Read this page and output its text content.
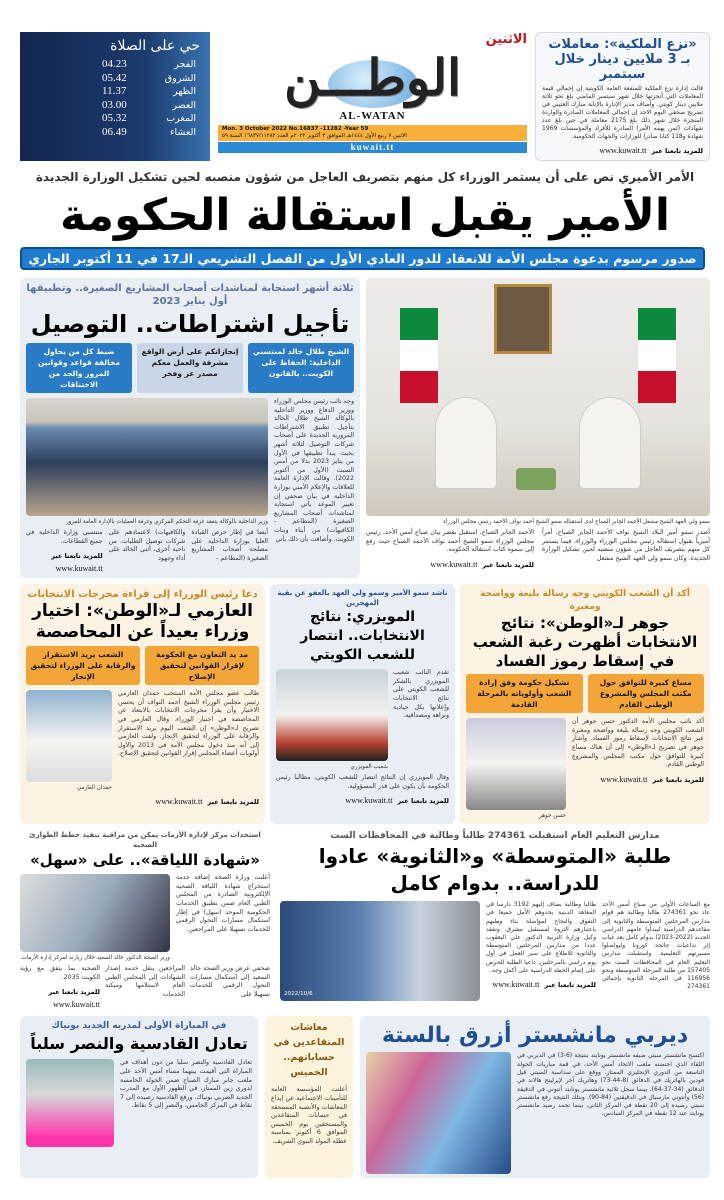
«نزع الملكية»: معاملات بـ 3 ملايين دينار خلال سبتمبر

قالت إدارة نزع الملكية للمنفعة العامة الكويتية إن إجمالي قيمة المعاملات التي أنجزتها خلال شهر سبتمبر الماضي بلغ نحو ثلاثة ملايين دينار كويتي. وأضاف مدير الإدارة بالإنابة مبارك العتيبي في تصريح صحفي اليوم الاحد إن إجمالي المعاملات الصادرة والواردة المنجزة خلال شهر ذلك بلغ 2175 معاملة في حين بلغ عدد شهادات (لمن يهمه الأمر) الصادرة للأفراد والمؤسسات 1969 شهادة و118 كتابا صادرا للوزارات والجهات الحكومية.

للمزيد تابعنا عبر www.kuwait.tt
الاثنين
الوطـــن
AL-WATAN
Mon. 3 October 2022 No.16837 -11282 -Year 59
الاثنين ٧ ربيع الأول ١٤٤٤هـ الموافق ٣ أكتوبر ٢٠٢٢م العدد ١٦٨٣٧/١١٢٨٢ السنة ٥٩
kuwait.tt
حي على الصلاة
الفجر
04.23
الشروق
05.42
الظهر
11.37
العصر
03.00
المغرب
05.32
العشاء
06.49
الأمر الأميري نص على أن يستمر الوزراء كل منهم بتصريف العاجل من شؤون منصبه لحين تشكيل الوزارة الجديدة
الأمير يقبل استقالة الحكومة
صدور مرسوم بدعوة مجلس الأمة للانعقاد للدور العادي الأول من الفصل التشريعي الـ17 في 11 أكتوبر الجاري
سمو ولي العهد الشيخ مشعل الأحمد الجابر الصباح لدى استقباله سمو الشيخ أحمد نواف الأحمد رئيس مجلس الوزراء

أصدر سمو أمير البلاد الشيخ نواف الأحمد الجابر الصباح، أمراً أميرياً بقبول استقالة رئيس مجلس الوزراء والوزراء، فيما يستمر كل منهم بتصريف العاجل من شؤون منصبه لحين تشكيل الوزارة الجديدة. وكان سمو ولي العهد الشيخ مشعل

الأحمد الجابر الصباح، استقبل بقصر بيان صباح أمس الأحد، رئيس مجلس الوزراء سمو الشيخ أحمد نواف الأحمد الصباح حيث رفع إلى سموه كتاب استقالة الحكومة.

للمزيد تابعنا عبر www.kuwait.tt
ثلاثة أشهر استجابة لمناشدات أصحاب المشاريع الصغيرة.. وتطبيقها أول يناير 2023
تأجيل اشتراطات.. التوصيل
الشيخ طلال خالد لمنتسبي الداخلية: الحفاظ على الكويت.. بالقانون
إنجازاتكم على أرض الواقع مشرفة والعمل معكم مصدر عز وفخر
ضبط كل من يحاول مخالفة قواعد وقوانين المرور والحد من الاختناقات

وجه نائب رئيس مجلس الوزراء ووزير الدفاع ووزير الداخلية بالوكالة الشيخ طلال الخالد بتأجيل تطبيق الاشتراطات المرورية الجديدة على أصحاب شركات التوصيل لثلاثة أشهر بحيث يبدأ تطبيقها في الأول من يناير 2023 بدلا من أمس السبت (الأول من أكتوبر 2022). وقالت الإدارة العامة للعلاقات والإعلام الأمني بوزارة الداخلية في بيان صحفي إن تغيير الموعد يأتي استجابة لمناشدات أصحاب المشاريع الصغيرة (المطاعم - الكافيهات) من أبناء وبنات الكويت. وأضافت بأن ذلك يأتي

وزير الداخلية بالوكالة يتفقد غرفة التحكم المركزي وغرفة العمليات بالإدارة العامة للمرور

أيضا في إطار حرص القيادة العليا بوزارة الداخلية على مصلحة أصحاب المشاريع الصغيرة (المطاعم -

والكافيهات) لاعتمادهم على شركات توصيل الطلبات. من ناحية أخرى، أثنى الخالد على أداء وجهود

منتسبي وزارة الداخلية في جميع القطاعات.

للمزيد تابعنا عبر
www.kuwait.tt
أكد أن الشعب الكويتي وجه رسالة بليغة وواضحة ومعبرة
جوهر لـ«الوطن»: نتائج الانتخابات أظهرت رغبة الشعب في إسقاط رموز الفساد
مساع كبيرة للتوافق حول مكتب المجلس والمشروع الوطني القادم
تشكيل حكومة وفق إرادة الشعب وأولوياته بالمرحلة القادمة

أكد نائب مجلس الأمة الدكتور حسن جوهر أن الشعب الكويتي وجه رسالة بليغة وواضحة ومعبرة عبر نتائج الانتخابات لإسقاط رموز الفساد. وأشار جوهر في تصريح لـ«الوطن» إلى أن هناك مساع كبيرة للتوافق حول مكتب المجلس والمشروع الوطني القادم.

للمزيد تابعنا عبر www.kuwait.tt
حسن جوهر
ناشد سمو الأمير وسمو ولي العهد بالعفو عن بقية المهجرين
المويزري: نتائج الانتخابات.. انتصار للشعب الكويتي

تقدم النائب شعيب المويزري بالشكر للشعب الكويتي على نتائج الانتخابات وإعلانها بكل حيادية ونزاهة ومصداقية.

شعيب المويزري

وقال المويزري إن النتائج انتصار للشعب الكويتي، مطالبا رئيس الحكومة بأن يكون على قدر المسؤولية.

للمزيد تابعنا عبر www.kuwait.tt
دعا رئيس الوزراء إلى قراءة مخرجات الانتخابات
العازمي لـ«الوطن»: اختيار وزراء بعيداً عن المحاصصة
مد يد التعاون مع الحكومة لإقرار القوانين لتحقيق الإصلاح
الشعب يريد الاستقرار والرقابة على الوزراء لتحقيق الإنجاز

طالب عضو مجلس الأمة المنتخب حمدان العازمي رئيس مجلس الوزراء الشيخ أحمد النواف أن يحسن الاختيار وأن يقرأ مخرجات الانتخابات بالابتعاد عن المحاصصة في اختيار الوزراء. وقال العازمي في تصريح لـ«الوطن» إن الشعب اليوم يريد الاستقرار والرقابة على الوزراء لتحقيق الإنجاز. ولفت العازمي إلى أنه منذ دخول مجلس الأمة في 2013 والأول أولويات أعضاء المجلس إقرار القوانين لتحقيق الإصلاح.

حمدان العازمي
للمزيد تابعنا عبر www.kuwait.tt
مدارس التعليم العام استقبلت 274361 طالباً وطالبة في المحافظات الست
طلبة «المتوسطة» و«الثانوية» عادوا للدراسة.. بدوام كامل

مع الساعات الأولى من صباح أمس الأحد عاد نحو 274361 طالبا وطالبة هم قوام مدارس المرحلتين المتوسطة والثانوية إلى مقاعدهم الدراسية ليبدأوا عامهم الدراسي الجديد (2022-2023) بدوام كامل بعد غياب إثر تداعيات جائحة كورونا وليواصلوا مسيرتهم التعليمية. واستقبلت مدارس التعليم العام في المحافظات الست نحو 157405 من طلبة المرحلة المتوسطة ونحو 116956 في المرحلة الثانوية بإجمالي 274361

طالبا وطالبة يضاف إليهم 3192 دارسا في المعاهد الدينية يحدوهم الأمل جميعا في التفوق والنجاح لمواصلة بناء وطنهم باعتبارهم الثروة لمستقبل مشرق. وتفقد وكيل وزارة التربية الدكتور علي اليعقوب عددا من مدارس المرحلتين المتوسطة والثانوية للاطلاع على سير العمل في أول يوم دراسي بالمرحلتين، داعيا الطلبة للحرص على إتمام الخطة الدراسية على أكمل وجه.

للمزيد تابعنا عبر www.kuwait.tt
2022/10/6
استحداث مركز لإدارة الأزمات يمكن من مراقبة تنفيذ خطط الطوارئ الصحية
«شهادة اللياقة».. على «سهل»

أعلنت وزارة الصحة إضافة خدمة استخراج شهادة اللياقة الصحية الإلكترونية الصادرة من المجلس الطبي العام ضمن تطبيق الخدمات الحكومية الموحد (سهل) في إطار استكمال مسارات التحول الرقمي للخدمات تسهيلا على المراجعين.

وزير الصحة الدكتور خالد السعيد خلال زيارته لمركز إدارة الأزمات

صحفي عرض وزير الصحة خالد السعيد إلى استكمال مسارات التحول الرقمي للخدمات تسهيلا على

المراجعين ينقل خدمة إصدار الشهادات إلى المجلس الطبي العام لاستلامها وميكنة الخدمات

الصحية بما يتفق مع رؤية الكويت 2035.

للمزيد تابعنا عبر
www.kuwait.tt
ديربي مانشستر أزرق بالستة

اكتسح مانشستر سيتي ضيفه مانشستر يونايتد بنتيجة (6-3) في الديربي في اللقاء الذي احتضنه ملعب الاتحاد أمس الأحد، في قمة مباريات الجولة التاسعة من الدوري الإنجليزي الممتاز. ووقع على سداسية السيتي فيل فودين بالهاتريك في الدقائق (8-44-73) وهاتريك آخر لإيرلينج هالاند في الدقائق (34-37-64)، بينما سجل ثلاثية مانشستر يونايتد أنتوني في الدقيقة (56) وأنتوني مارسيال في الدقيقتين (84-90). وبتلك النتيجة رفع مانشستر سيتي رصيده إلى 20 نقطة في المركز الثاني، بينما تجمد رصيد مانشستر يونايتد عند 12 نقطة في المركز السادس.

معاشات المتقاعدين في حساباتهم.. الخميس

أعلنت المؤسسة العامة للتأمينات الاجتماعية عن إيداع المعاشات والأنصبة المستحقة في حسابات المتقاعدين والمستحقين يوم الخميس الموافق 6 أكتوبر بمناسبة عطلة المولد النبوي الشريف.

في المباراة الأولى لمدربه الجديد بونياك
تعادل القادسية والنصر سلباً

تعادل القادسية والنصر سلبا من دون أهداف في المباراة التي أقيمت بينهما مساء أمس الأحد على ملعب جابر مبارك الصباح ضمن الجولة الخامسة لدوري زين الممتاز، في الظهور الأول مع المدرب الجديد الصربي بونياك. ورفع القادسية رصيده إلى 7 نقاط في المركز الخامس، والنصر إلى 5 نقاط.
